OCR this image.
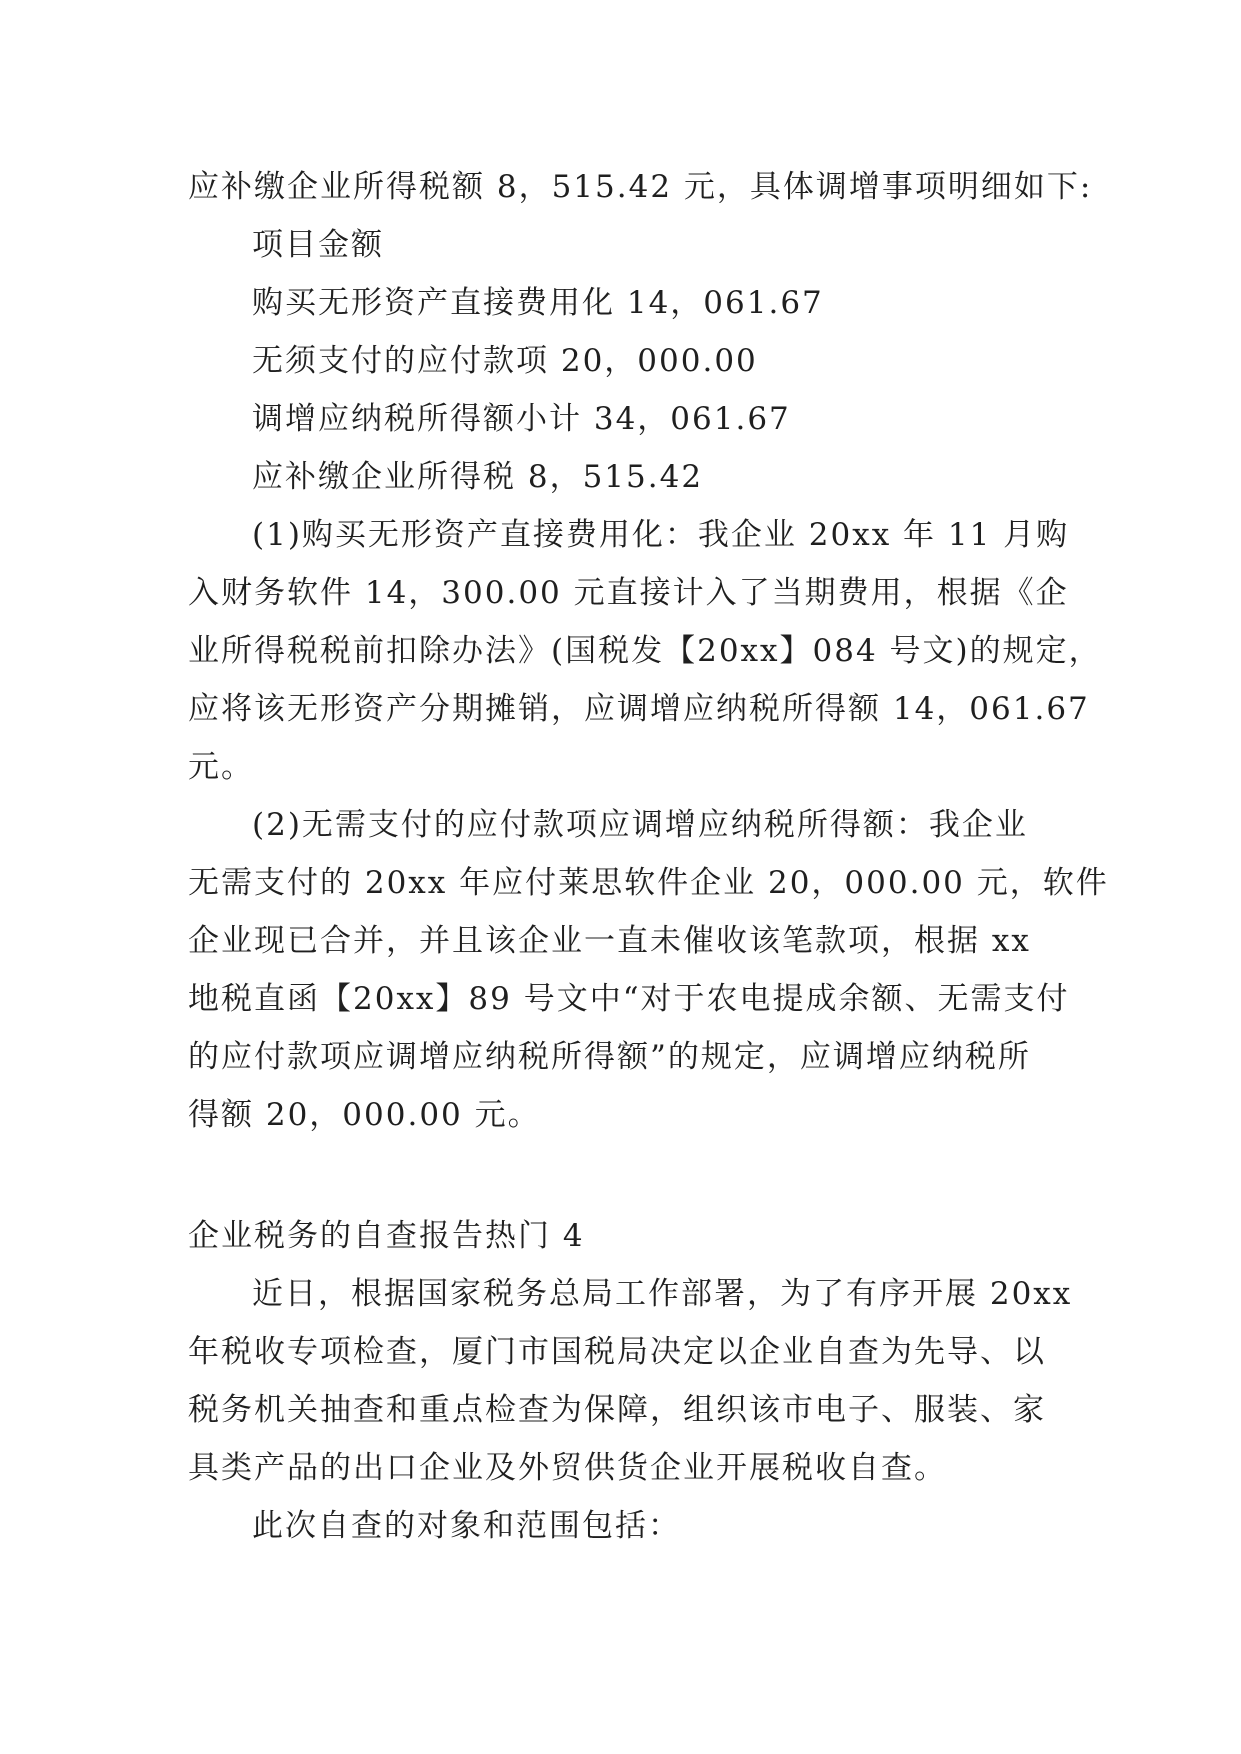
应补缴企业所得税额 8，515.42 元，具体调增事项明细如下:

项目金额

购买无形资产直接费用化 14，061.67

无须支付的应付款项 20，000.00

调增应纳税所得额小计 34，061.67

应补缴企业所得税 8，515.42

(1)购买无形资产直接费用化：我企业 20xx 年 11 月购

入财务软件 14，300.00 元直接计入了当期费用，根据《企

业所得税税前扣除办法》(国税发【20xx】084 号文)的规定，

应将该无形资产分期摊销，应调增应纳税所得额 14，061.67

元。

(2)无需支付的应付款项应调增应纳税所得额：我企业

无需支付的 20xx 年应付莱思软件企业 20，000.00 元，软件

企业现已合并，并且该企业一直未催收该笔款项，根据 xx

地税直函【20xx】89 号文中“对于农电提成余额、无需支付

的应付款项应调增应纳税所得额”的规定，应调增应纳税所

得额 20，000.00 元。

企业税务的自查报告热门 4

近日，根据国家税务总局工作部署，为了有序开展 20xx

年税收专项检查，厦门市国税局决定以企业自查为先导、以

税务机关抽查和重点检查为保障，组织该市电子、服装、家

具类产品的出口企业及外贸供货企业开展税收自查。

此次自查的对象和范围包括：
